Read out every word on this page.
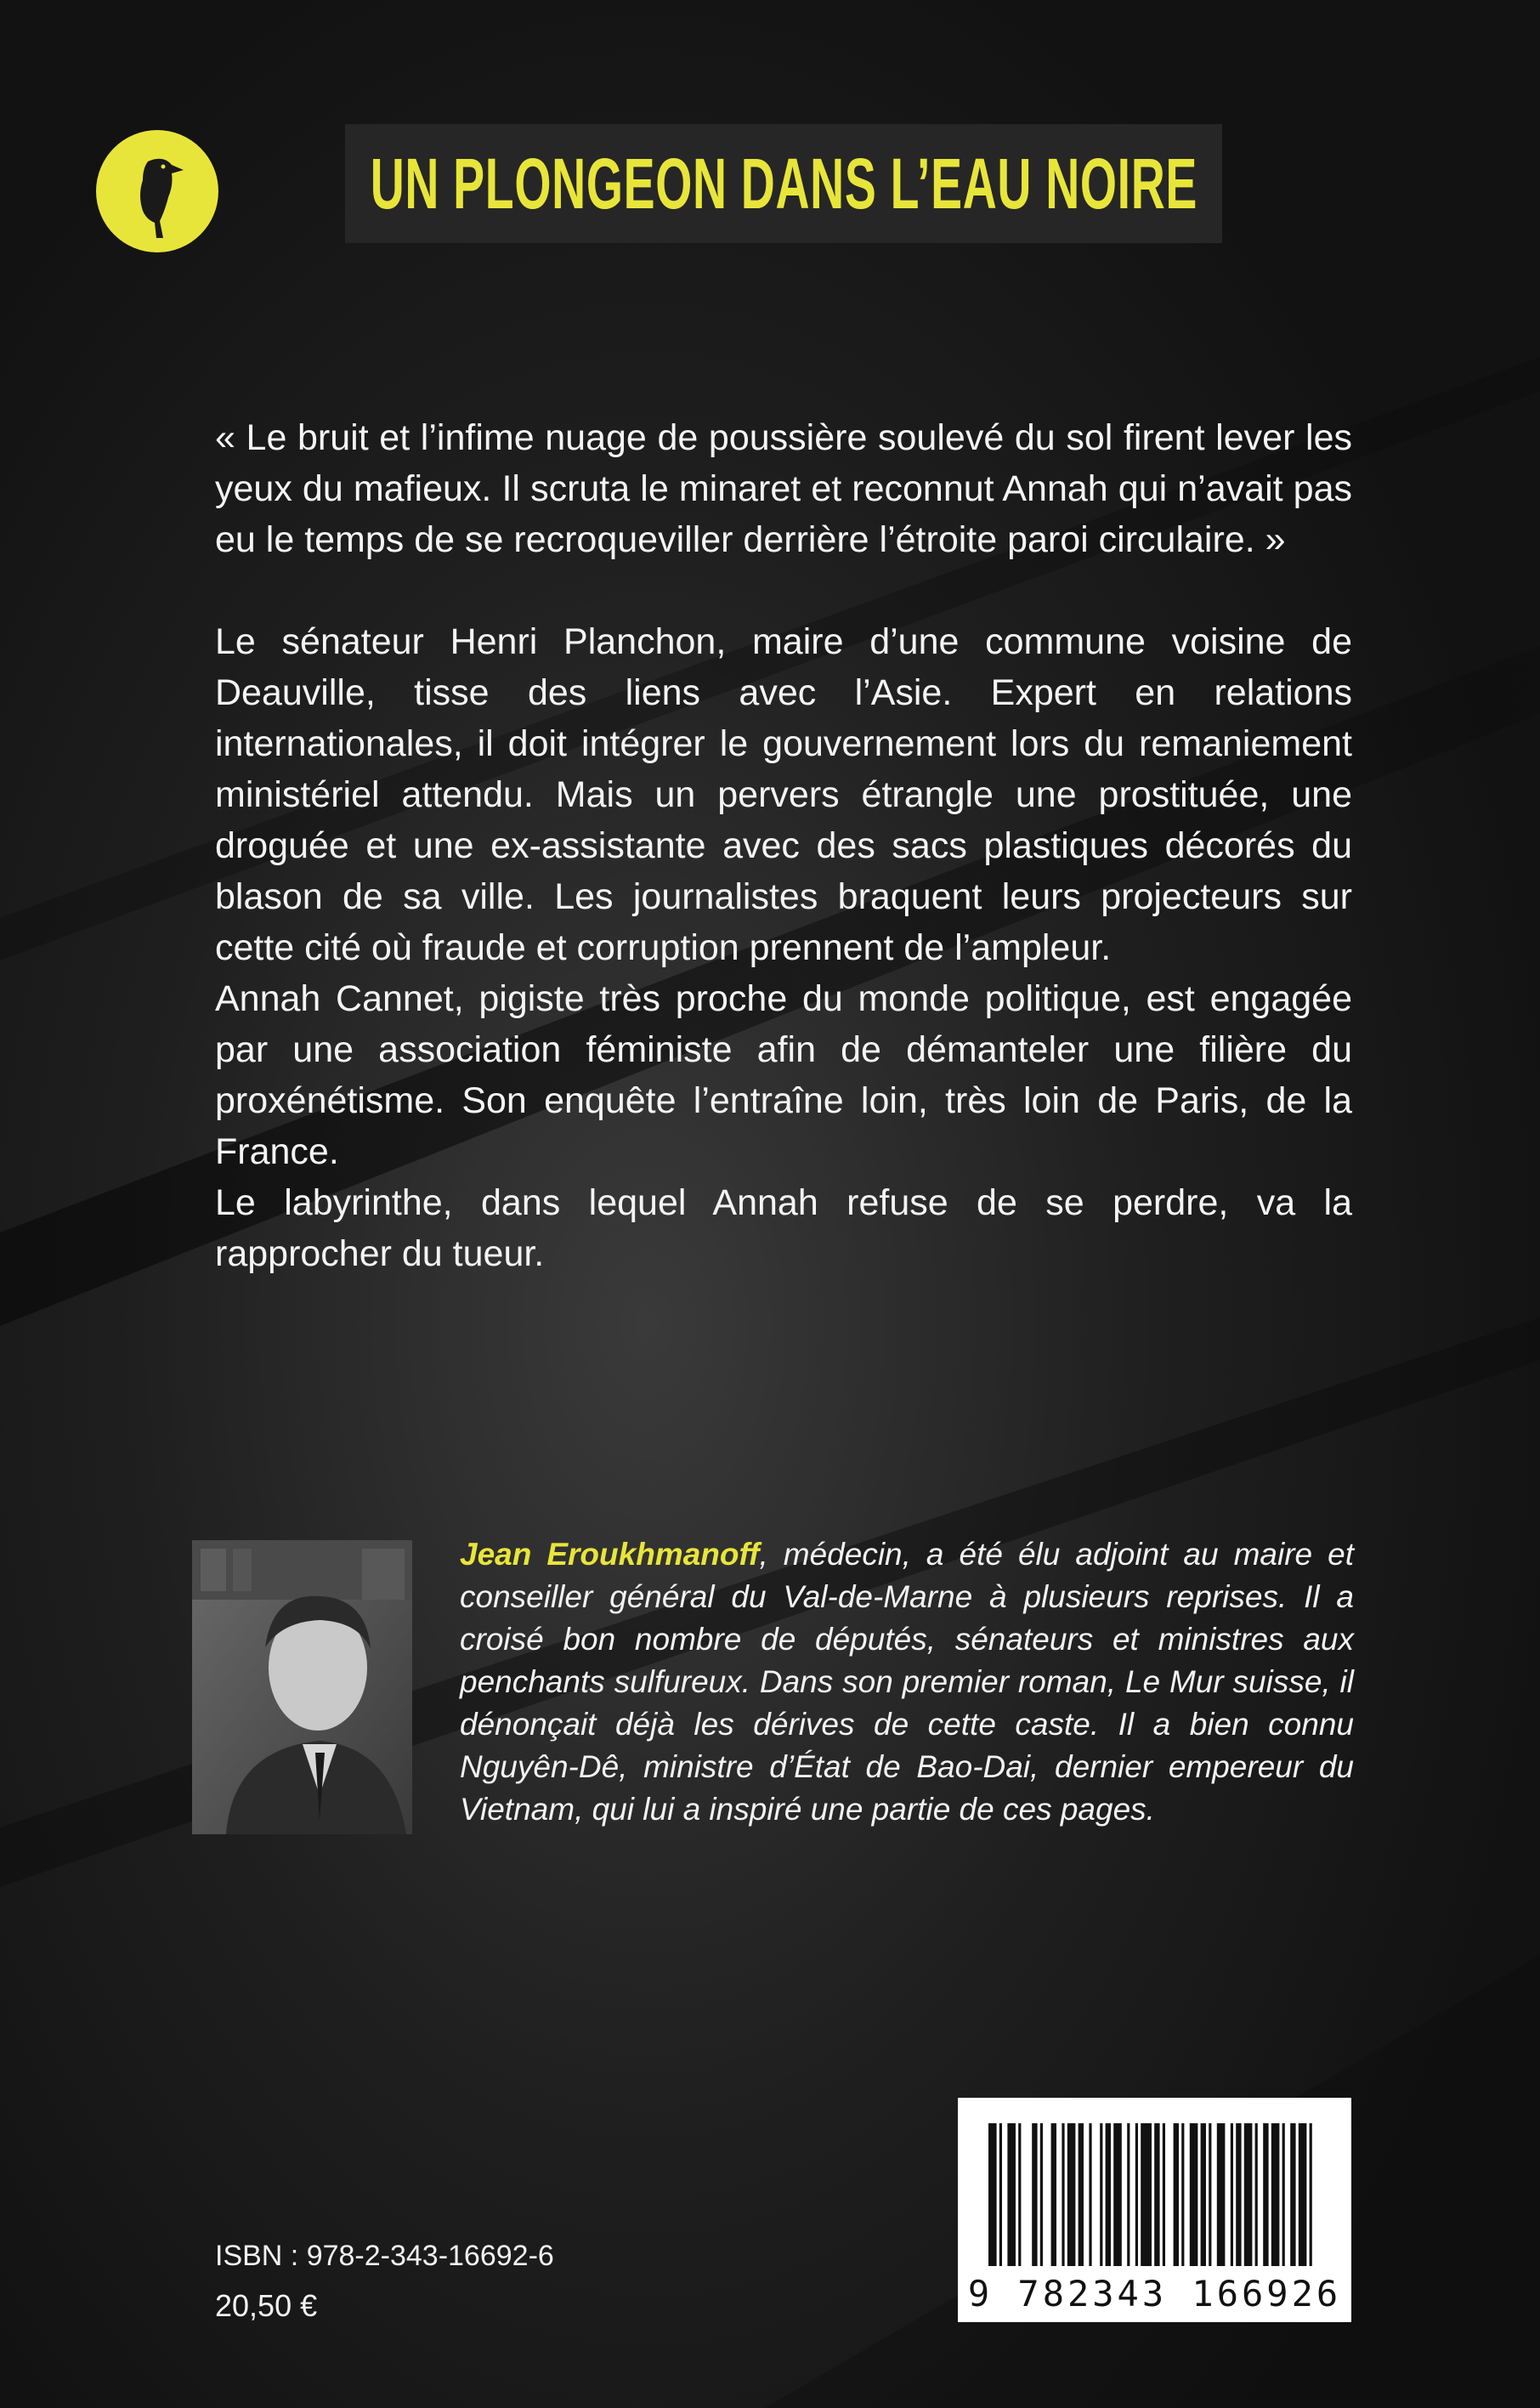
UN PLONGEON DANS L’EAU NOIRE

« Le bruit et l’infime nuage de poussière soulevé du sol firent lever les yeux du mafieux. Il scruta le minaret et reconnut Annah qui n’avait pas eu le temps de se recroqueviller derrière l’étroite paroi circulaire. »

Le sénateur Henri Planchon, maire d’une commune voisine de Deauville, tisse des liens avec l’Asie. Expert en relations internationales, il doit intégrer le gouvernement lors du remaniement ministériel attendu. Mais un pervers étrangle une prostituée, une droguée et une ex-assistante avec des sacs plastiques décorés du blason de sa ville. Les journalistes braquent leurs projecteurs sur cette cité où fraude et corruption prennent de l’ampleur.

Annah Cannet, pigiste très proche du monde politique, est engagée par une association féministe afin de démanteler une filière du proxénétisme. Son enquête l’entraîne loin, très loin de Paris, de la France.

Le labyrinthe, dans lequel Annah refuse de se perdre, va la rapprocher du tueur.

Jean Eroukhmanoff, médecin, a été élu adjoint au maire et conseiller général du Val-de-Marne à plusieurs reprises. Il a croisé bon nombre de députés, sénateurs et ministres aux penchants sulfureux. Dans son premier roman, Le Mur suisse, il dénonçait déjà les dérives de cette caste. Il a bien connu Nguyên-Dê, ministre d’État de Bao-Dai, dernier empereur du Vietnam, qui lui a inspiré une partie de ces pages.
9 782343 166926
ISBN : 978-2-343-16692-6
20,50 €
